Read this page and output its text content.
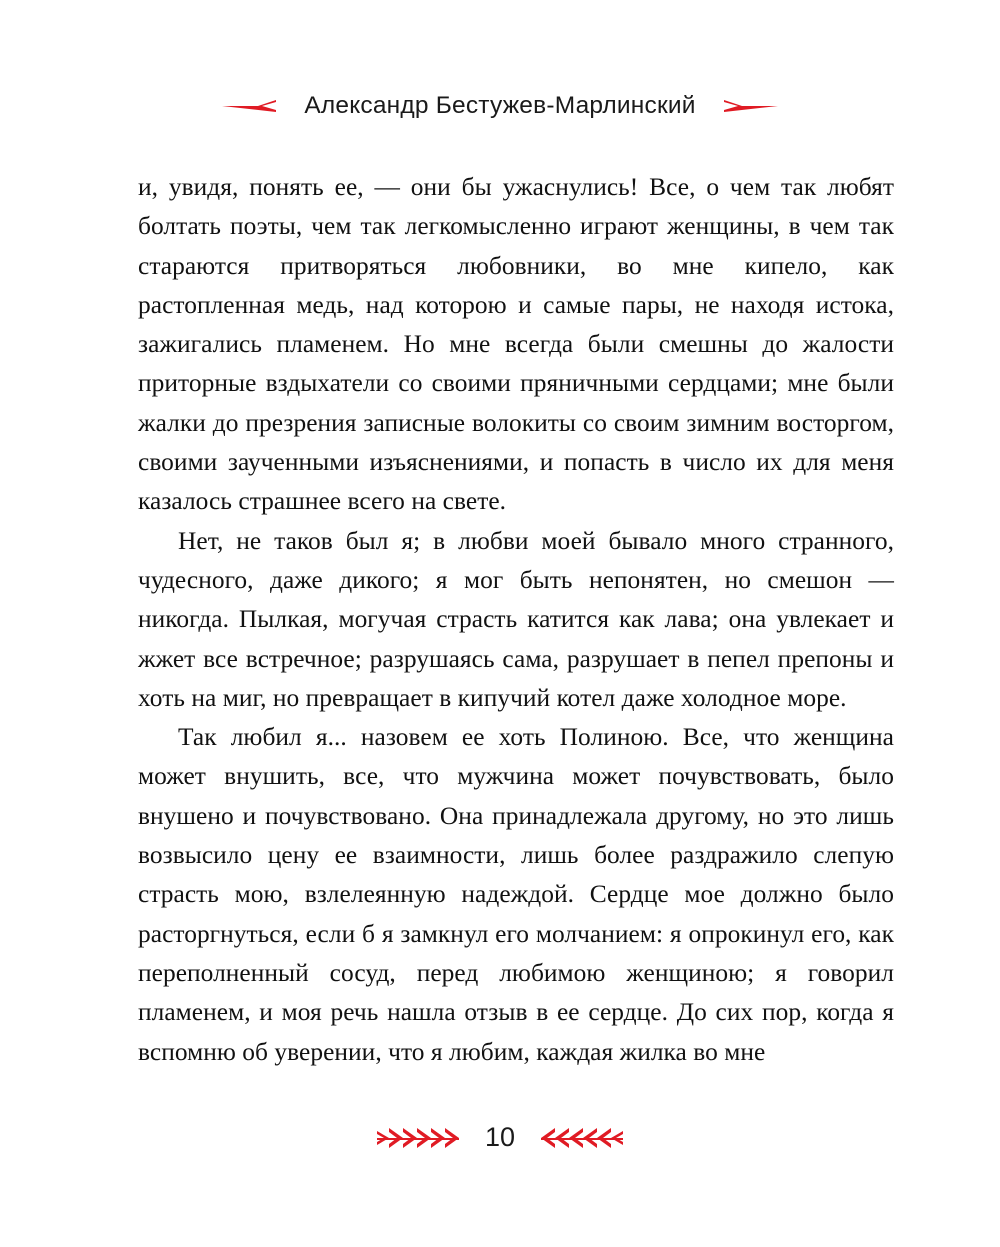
Александр Бестужев-Марлинский

и, увидя, понять ее, — они бы ужаснулись! Все, о чем так любят болтать поэты, чем так легкомысленно играют женщины, в чем так стараются притворяться любовники, во мне кипело, как растопленная медь, над которою и самые пары, не находя истока, зажигались пламенем. Но мне всегда были смешны до жалости приторные вздыхатели со своими пряничными сердцами; мне были жалки до презрения записные волокиты со своим зимним восторгом, своими заученными изъяснениями, и попасть в число их для меня казалось страшнее всего на свете.

Нет, не таков был я; в любви моей бывало много странного, чудесного, даже дикого; я мог быть непонятен, но смешон — никогда. Пылкая, могучая страсть катится как лава; она увлекает и жжет все встречное; разрушаясь сама, разрушает в пепел препоны и хоть на миг, но превращает в кипучий котел даже холодное море.

Так любил я... назовем ее хоть Полиною. Все, что женщина может внушить, все, что мужчина может почувствовать, было внушено и почувствовано. Она принадлежала другому, но это лишь возвысило цену ее взаимности, лишь более раздражило слепую страсть мою, взлелеянную надеждой. Сердце мое должно было расторгнуться, если б я замкнул его молчанием: я опрокинул его, как переполненный сосуд, перед любимою женщиною; я говорил пламенем, и моя речь нашла отзыв в ее сердце. До сих пор, когда я вспомню об уверении, что я любим, каждая жилка во мне

10
